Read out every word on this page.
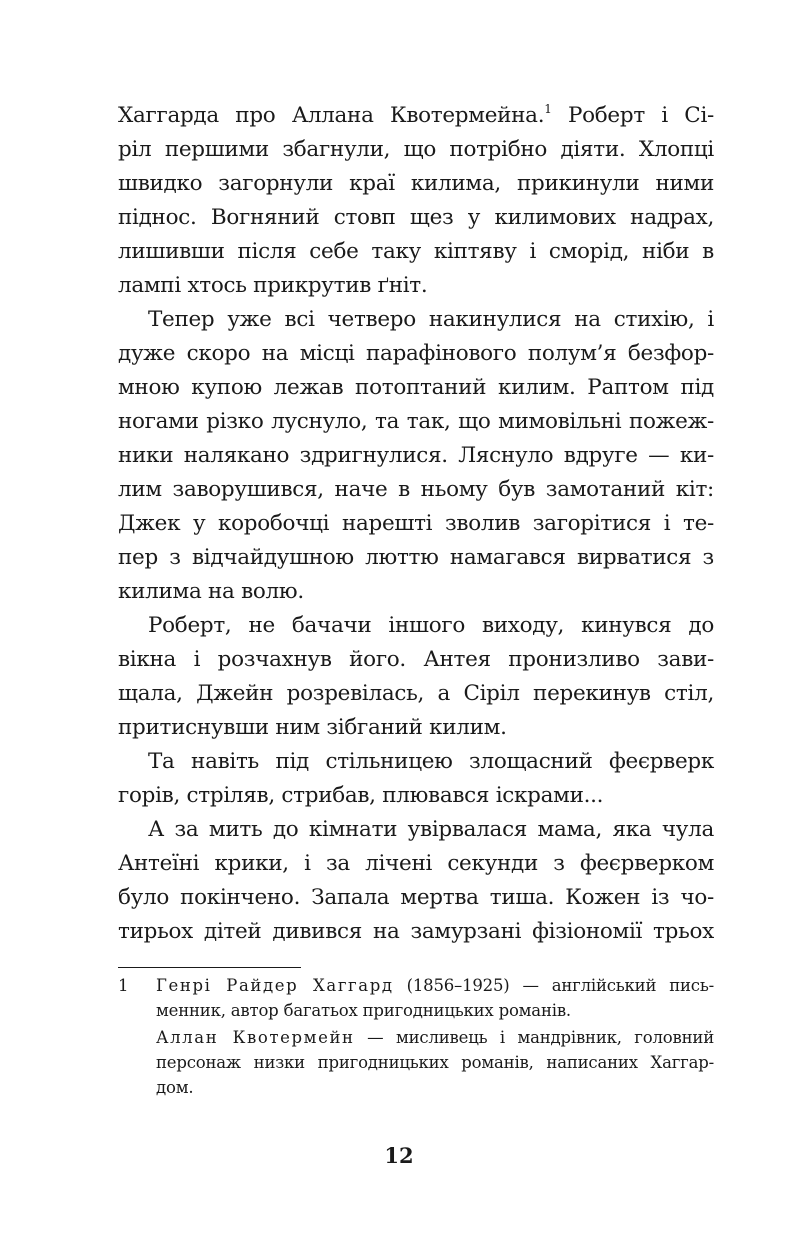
Хаггарда про Аллана Квотермейна.$^1$ Роберт і Сі-
ріл першими збагнули, що потрібно діяти. Хлопці
швидко загорнули краї килима, прикинули ними
піднос. Вогняний стовп щез у килимових надрах,
лишивши після себе таку кіптяву і сморід, ніби в
лампі хтось прикрутив ґніт.
Тепер уже всі четверо накинулися на стихію, і
дуже скоро на місці парафінового полум’я безфор-
мною купою лежав потоптаний килим. Раптом під
ногами різко луснуло, та так, що мимовільні пожеж-
ники налякано здригнулися. Ляснуло вдруге — ки-
лим заворушився, наче в ньому був замотаний кіт:
Джек у коробочці нарешті зволив загорітися і те-
пер з відчайдушною люттю намагався вирватися з
килима на волю.
Роберт, не бачачи іншого виходу, кинувся до
вікна і розчахнув його. Антея пронизливо зави-
щала, Джейн розревілась, а Сіріл перекинув стіл,
притиснувши ним зібганий килим.
Та навіть під стільницею злощасний феєрверк
горів, стріляв, стрибав, плювався іскрами...
А за мить до кімнати увірвалася мама, яка чула
Антеїні крики, і за лічені секунди з феєрверком
було покінчено. Запала мертва тиша. Кожен із чо-
тирьох дітей дивився на замурзані фізіономії трьох
1 Генрі Райдер Хаггард (1856–1925) — англійський пись-
менник, автор багатьох пригодницьких романів.
Аллан Квотермейн — мисливець і мандрівник, головний
персонаж низки пригодницьких романів, написаних Хаггар-
дом.
12
